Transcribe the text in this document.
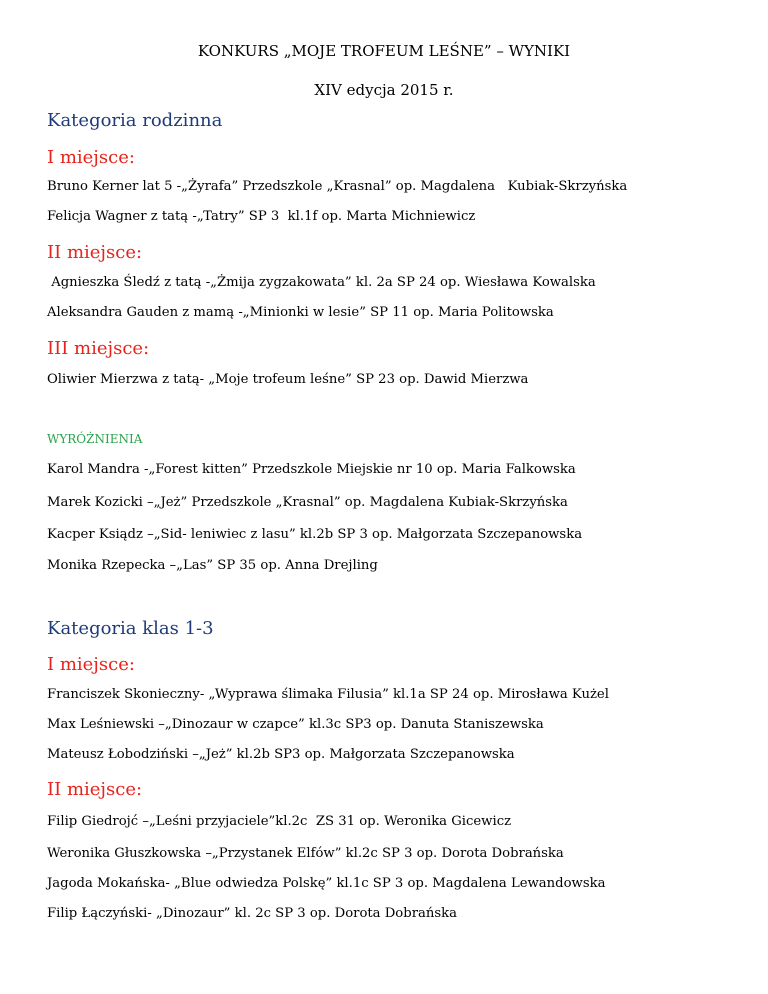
KONKURS „MOJE TROFEUM LEŚNE” – WYNIKI
XIV edycja 2015 r.
Kategoria rodzinna
I miejsce:
Bruno Kerner lat 5 -„Żyrafa” Przedszkole „Krasnal” op. Magdalena   Kubiak-Skrzyńska
Felicja Wagner z tatą -„Tatry” SP 3  kl.1f op. Marta Michniewicz
II miejsce:
Agnieszka Śledź z tatą -„Żmija zygzakowata” kl. 2a SP 24 op. Wiesława Kowalska
Aleksandra Gauden z mamą -„Minionki w lesie” SP 11 op. Maria Politowska
III miejsce:
Oliwier Mierzwa z tatą- „Moje trofeum leśne” SP 23 op. Dawid Mierzwa
WYRÓŻNIENIA
Karol Mandra -„Forest kitten” Przedszkole Miejskie nr 10 op. Maria Falkowska
Marek Kozicki –„Jeż” Przedszkole „Krasnal” op. Magdalena Kubiak-Skrzyńska
Kacper Ksiądz –„Sid- leniwiec z lasu” kl.2b SP 3 op. Małgorzata Szczepanowska
Monika Rzepecka –„Las” SP 35 op. Anna Drejling
Kategoria klas 1-3
I miejsce:
Franciszek Skonieczny- „Wyprawa ślimaka Filusia” kl.1a SP 24 op. Mirosława Kużel
Max Leśniewski –„Dinozaur w czapce” kl.3c SP3 op. Danuta Staniszewska
Mateusz Łobodziński –„Jeż” kl.2b SP3 op. Małgorzata Szczepanowska
II miejsce:
Filip Giedrojć –„Leśni przyjaciele”kl.2c  ZS 31 op. Weronika Gicewicz
Weronika Głuszkowska –„Przystanek Elfów” kl.2c SP 3 op. Dorota Dobrańska
Jagoda Mokańska- „Blue odwiedza Polskę” kl.1c SP 3 op. Magdalena Lewandowska
Filip Łączyński- „Dinozaur” kl. 2c SP 3 op. Dorota Dobrańska
